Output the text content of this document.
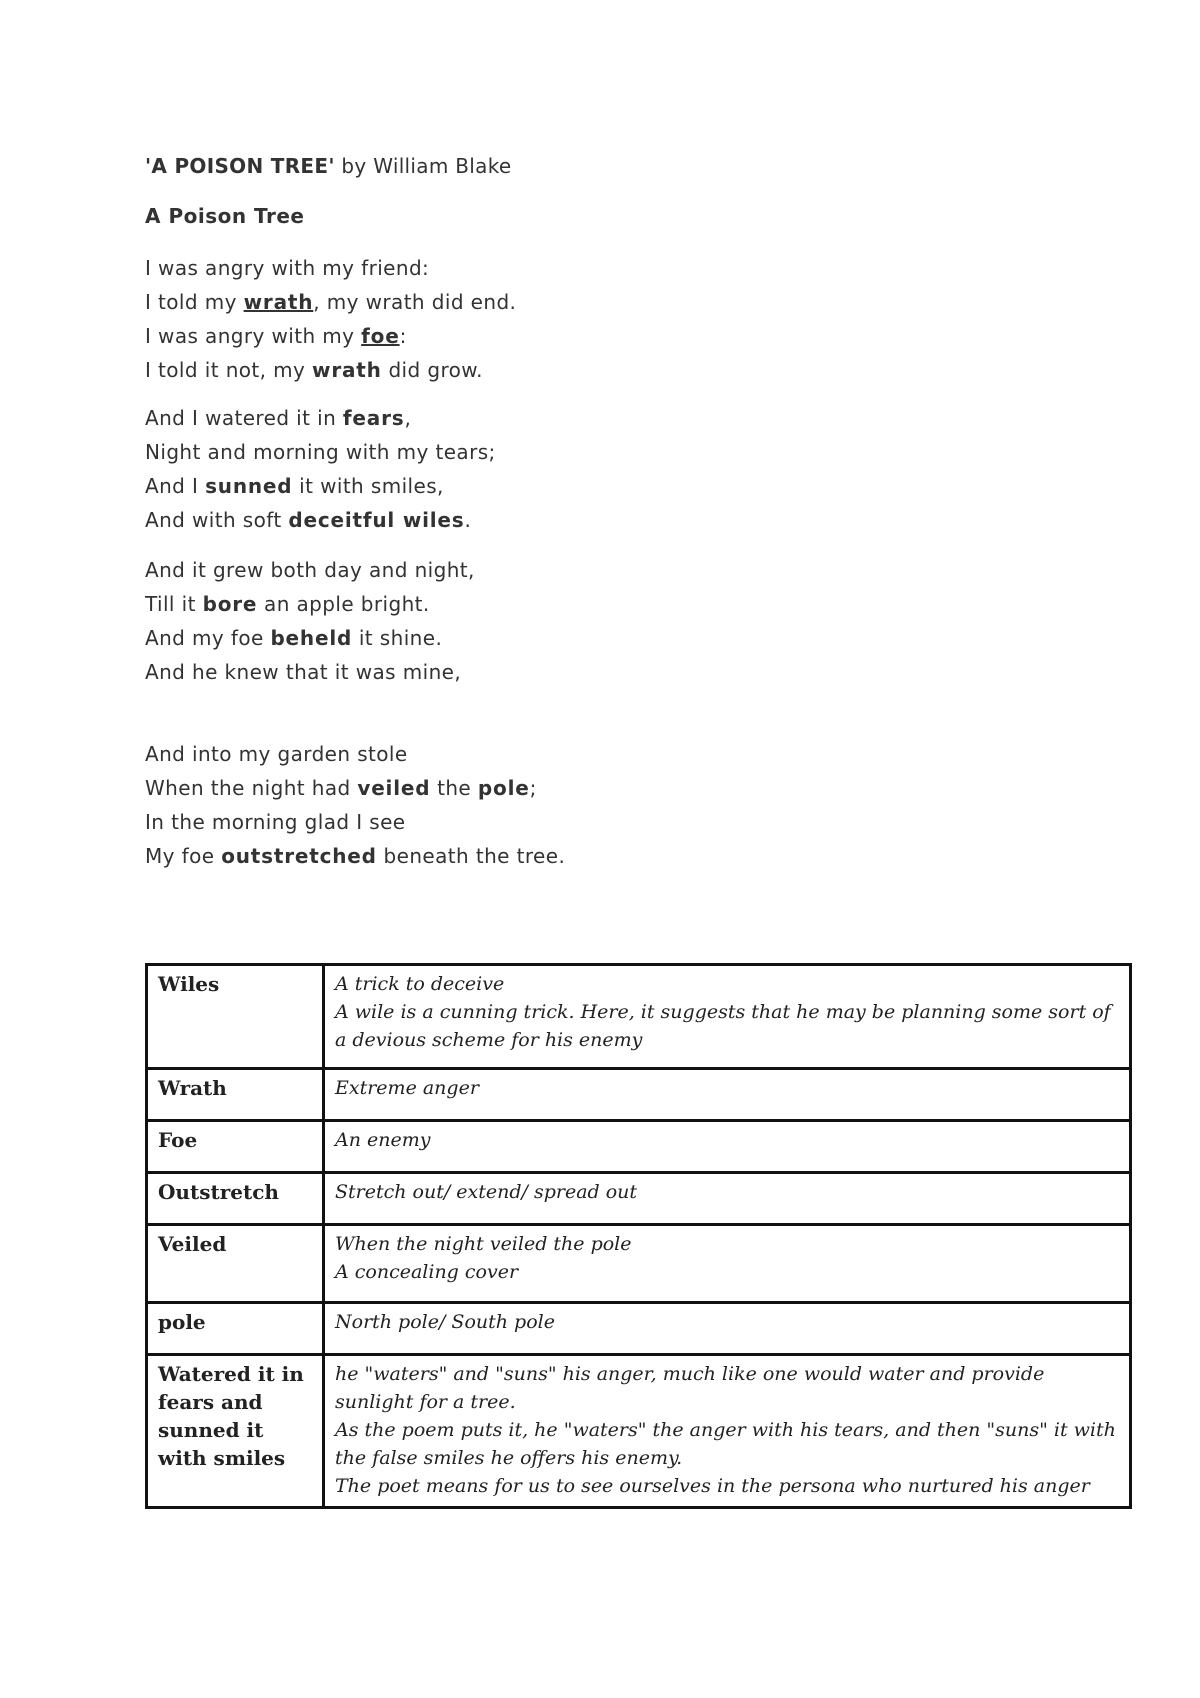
'A POISON TREE' by William Blake
A Poison Tree
I was angry with my friend:
I told my wrath, my wrath did end.
I was angry with my foe:
I told it not, my wrath did grow.
And I watered it in fears,
Night and morning with my tears;
And I sunned it with smiles,
And with soft deceitful wiles.
And it grew both day and night,
Till it bore an apple bright.
And my foe beheld it shine.
And he knew that it was mine,
And into my garden stole
When the night had veiled the pole;
In the morning glad I see
My foe outstretched beneath the tree.
Wiles	A trick to deceive
A wile is a cunning trick. Here, it suggests that he may be planning some sort of a devious scheme for his enemy

Wrath	Extreme anger

Foe	An enemy

Outstretch	Stretch out/ extend/ spread out

Veiled	When the night veiled the pole
A concealing cover

pole	North pole/ South pole

Watered it in fears and sunned it with smiles	he "waters" and "suns" his anger, much like one would water and provide sunlight for a tree.
As the poem puts it, he "waters" the anger with his tears, and then "suns" it with the false smiles he offers his enemy.
The poet means for us to see ourselves in the persona who nurtured his anger
